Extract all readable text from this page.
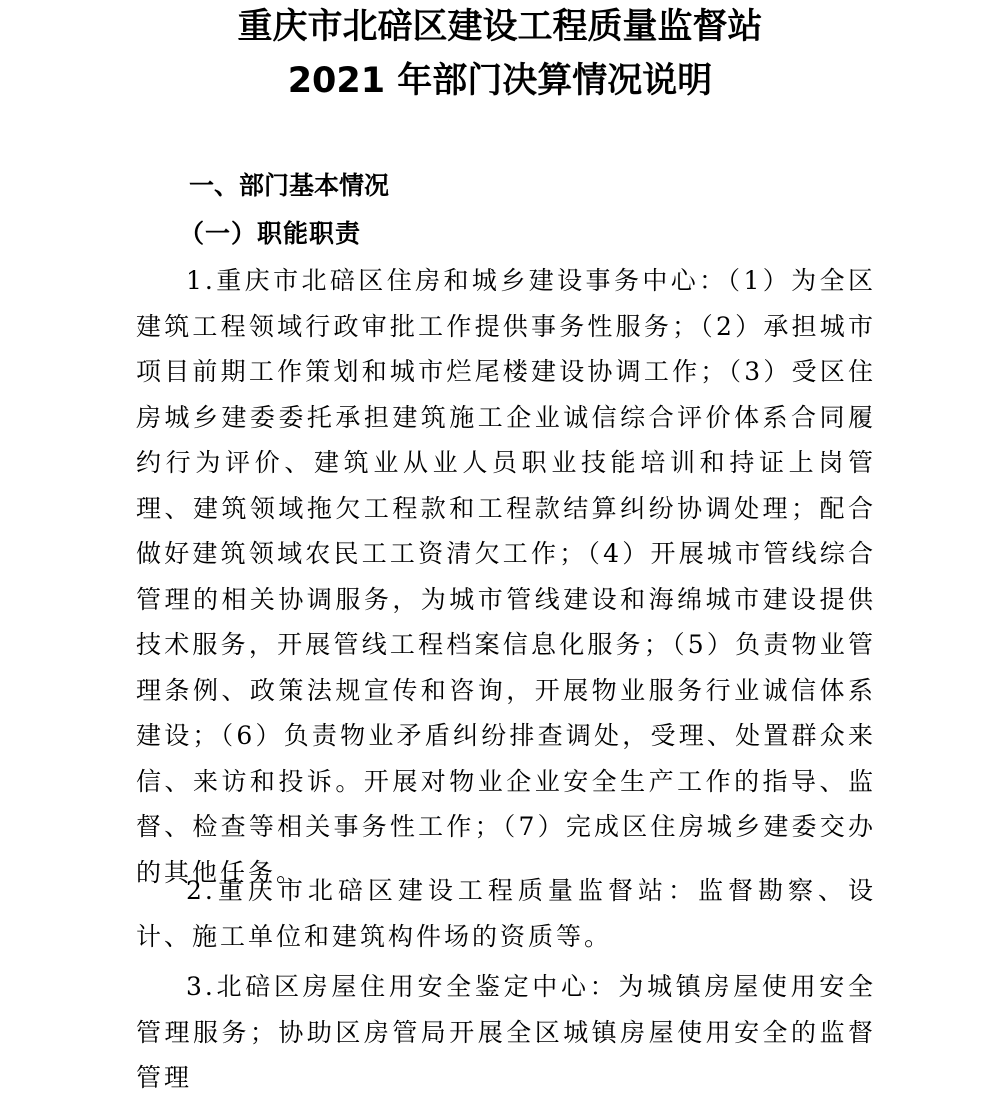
重庆市北碚区建设工程质量监督站
2021 年部门决算情况说明
一、部门基本情况
（一）职能职责

1.重庆市北碚区住房和城乡建设事务中心：（1）为全区建筑工程领域行政审批工作提供事务性服务；（2）承担城市项目前期工作策划和城市烂尾楼建设协调工作；（3）受区住房城乡建委委托承担建筑施工企业诚信综合评价体系合同履约行为评价、建筑业从业人员职业技能培训和持证上岗管理、建筑领域拖欠工程款和工程款结算纠纷协调处理；配合做好建筑领域农民工工资清欠工作；（4）开展城市管线综合管理的相关协调服务，为城市管线建设和海绵城市建设提供技术服务，开展管线工程档案信息化服务；（5）负责物业管理条例、政策法规宣传和咨询，开展物业服务行业诚信体系建设；（6）负责物业矛盾纠纷排查调处，受理、处置群众来信、来访和投诉。开展对物业企业安全生产工作的指导、监督、检查等相关事务性工作；（7）完成区住房城乡建委交办的其他任务。

2.重庆市北碚区建设工程质量监督站：监督勘察、设计、施工单位和建筑构件场的资质等。

3.北碚区房屋住用安全鉴定中心：为城镇房屋使用安全管理服务；协助区房管局开展全区城镇房屋使用安全的监督管理
